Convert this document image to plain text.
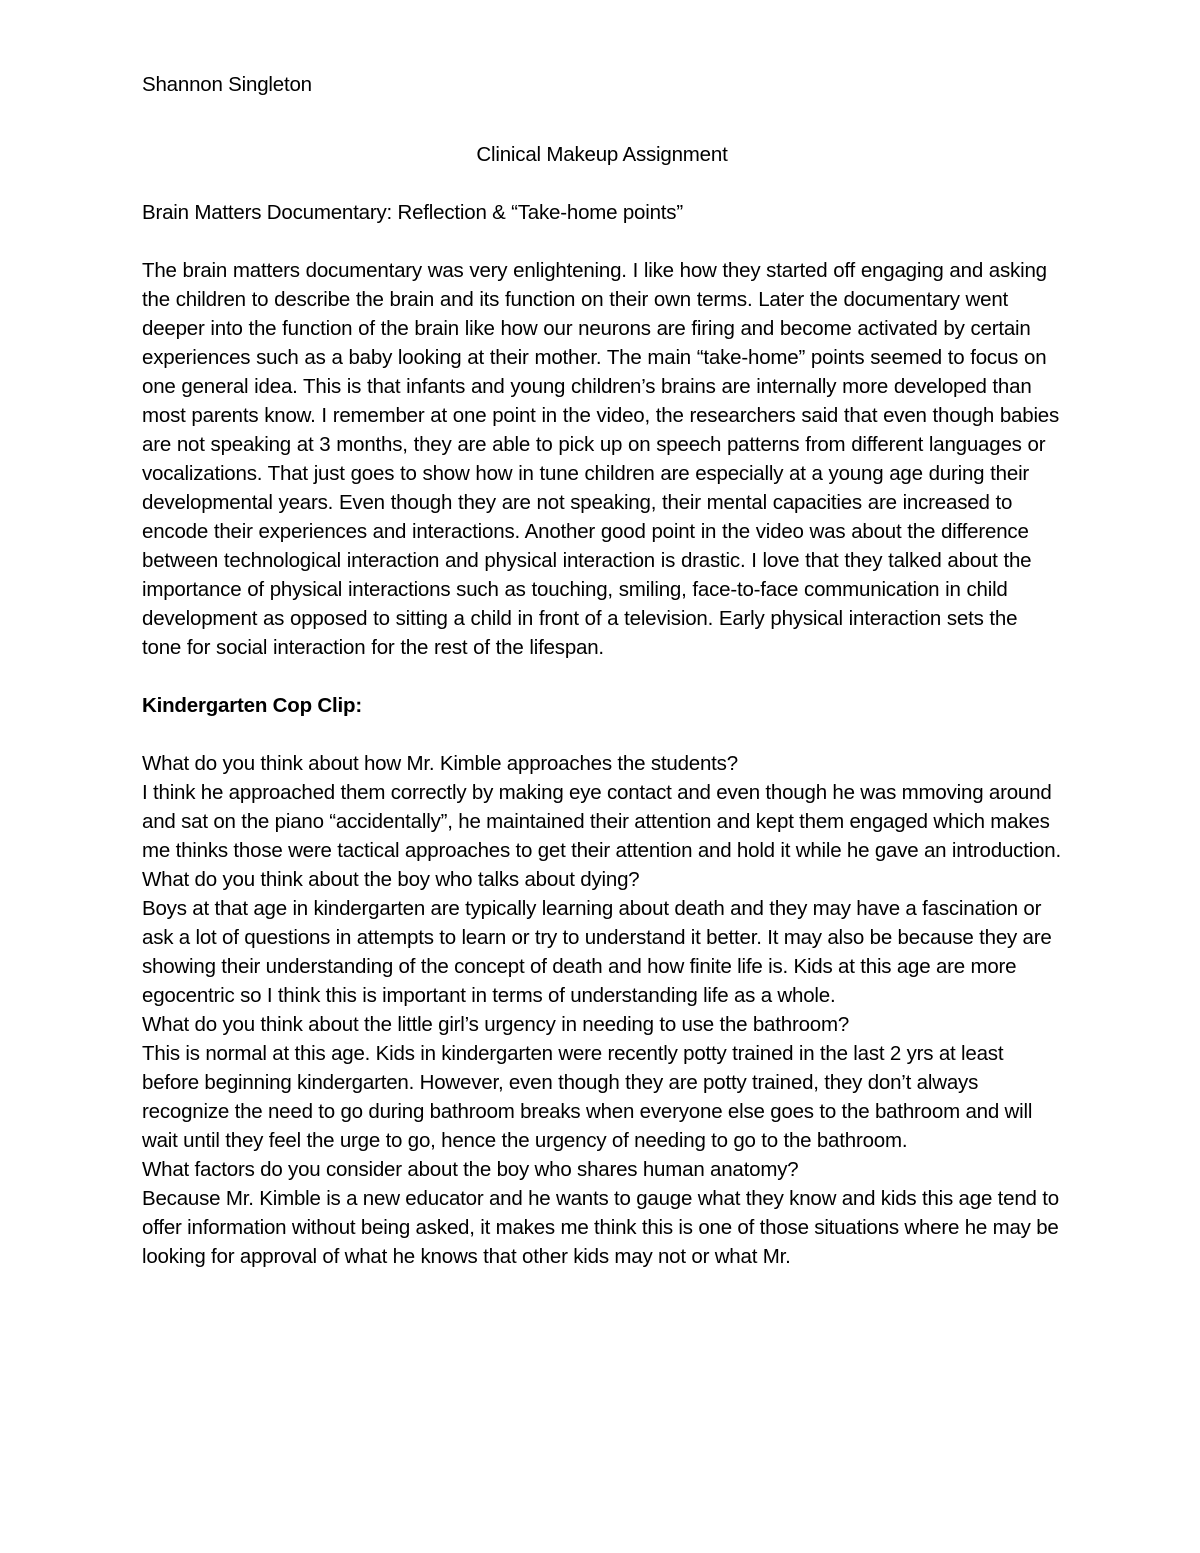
Shannon Singleton

Clinical Makeup Assignment

Brain Matters Documentary: Reflection & “Take-home points”

The brain matters documentary was very enlightening. I like how they started off engaging and asking the children to describe the brain and its function on their own terms. Later the documentary went deeper into the function of the brain like how our neurons are firing and become activated by certain experiences such as a baby looking at their mother. The main “take-home” points seemed to focus on one general idea. This is that infants and young children’s brains are internally more developed than most parents know. I remember at one point in the video, the researchers said that even though babies are not speaking at 3 months, they are able to pick up on speech patterns from different languages or vocalizations. That just goes to show how in tune children are especially at a young age during their developmental years. Even though they are not speaking, their mental capacities are increased to encode their experiences and interactions. Another good point in the video was about the difference between technological interaction and physical interaction is drastic. I love that they talked about the importance of physical interactions such as touching, smiling, face-to-face communication in child development as opposed to sitting a child in front of a television. Early physical interaction sets the tone for social interaction for the rest of the lifespan.

Kindergarten Cop Clip:

What do you think about how Mr. Kimble approaches the students?

I think he approached them correctly by making eye contact and even though he was mmoving around and sat on the piano “accidentally”, he maintained their attention and kept them engaged which makes me thinks those were tactical approaches to get their attention and hold it while he gave an introduction.

What do you think about the boy who talks about dying?

Boys at that age in kindergarten are typically learning about death and they may have a fascination or ask a lot of questions in attempts to learn or try to understand it better. It may also be because they are showing their understanding of the concept of death and how finite life is. Kids at this age are more egocentric so I think this is important in terms of understanding life as a whole.

What do you think about the little girl’s urgency in needing to use the bathroom?

This is normal at this age. Kids in kindergarten were recently potty trained in the last 2 yrs at least before beginning kindergarten. However, even though they are potty trained, they don’t always recognize the need to go during bathroom breaks when everyone else goes to the bathroom and will wait until they feel the urge to go, hence the urgency of needing to go to the bathroom.

What factors do you consider about the boy who shares human anatomy?

Because Mr. Kimble is a new educator and he wants to gauge what they know and kids this age tend to offer information without being asked, it makes me think this is one of those situations where he may be looking for approval of what he knows that other kids may not or what Mr.
